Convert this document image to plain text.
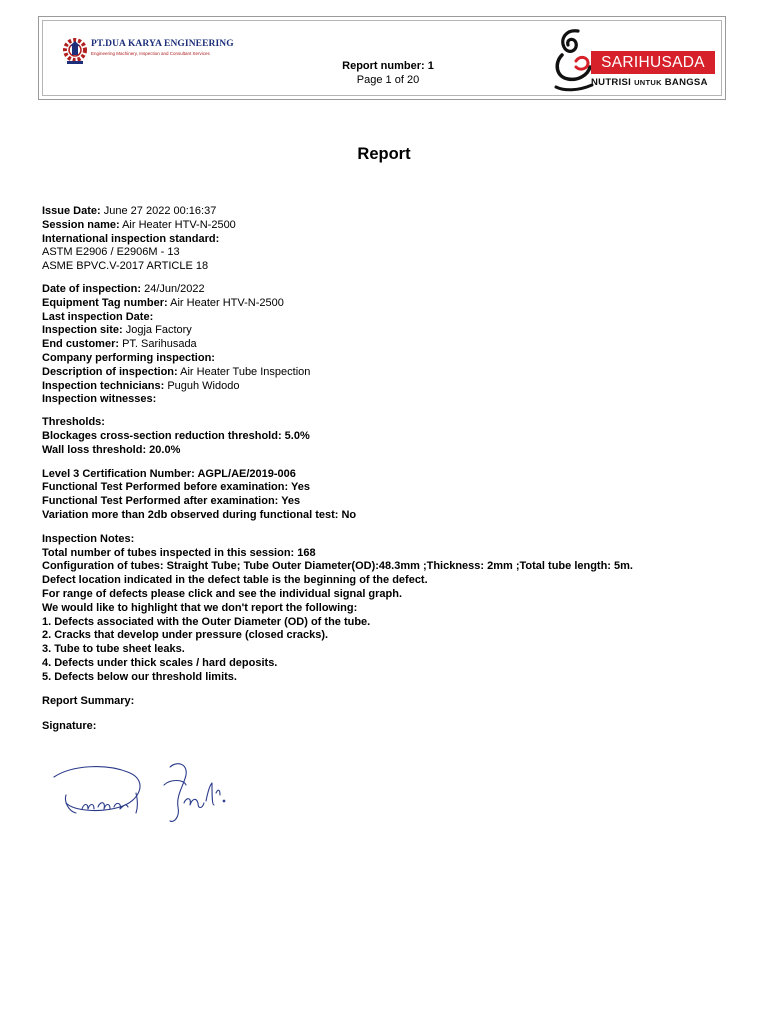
PT.DUA KARYA ENGINEERING
Engineering Machinery, Inspection and Consultant Services
Report number: 1
Page 1 of 20
SARIHUSADA
NUTRISI UNTUK BANGSA
Report
Issue Date: June 27 2022 00:16:37
Session name: Air Heater HTV-N-2500
International inspection standard:
ASTM E2906 / E2906M - 13
ASME BPVC.V-2017 ARTICLE 18
Date of inspection: 24/Jun/2022
Equipment Tag number: Air Heater HTV-N-2500
Last inspection Date:
Inspection site: Jogja Factory
End customer: PT. Sarihusada
Company performing inspection:
Description of inspection: Air Heater Tube Inspection
Inspection technicians: Puguh Widodo
Inspection witnesses:
Thresholds:
Blockages cross-section reduction threshold: 5.0%
Wall loss threshold: 20.0%
Level 3 Certification Number: AGPL/AE/2019-006
Functional Test Performed before examination: Yes
Functional Test Performed after examination: Yes
Variation more than 2db observed during functional test: No
Inspection Notes:
Total number of tubes inspected in this session: 168
Configuration of tubes: Straight Tube; Tube Outer Diameter(OD):48.3mm ;Thickness: 2mm ;Total tube length: 5m.
Defect location indicated in the defect table is the beginning of the defect.
For range of defects please click and see the individual signal graph.
We would like to highlight that we don't report the following:
1. Defects associated with the Outer Diameter (OD) of the tube.
2. Cracks that develop under pressure (closed cracks).
3. Tube to tube sheet leaks.
4. Defects under thick scales / hard deposits.
5. Defects below our threshold limits.
Report Summary:
Signature:
